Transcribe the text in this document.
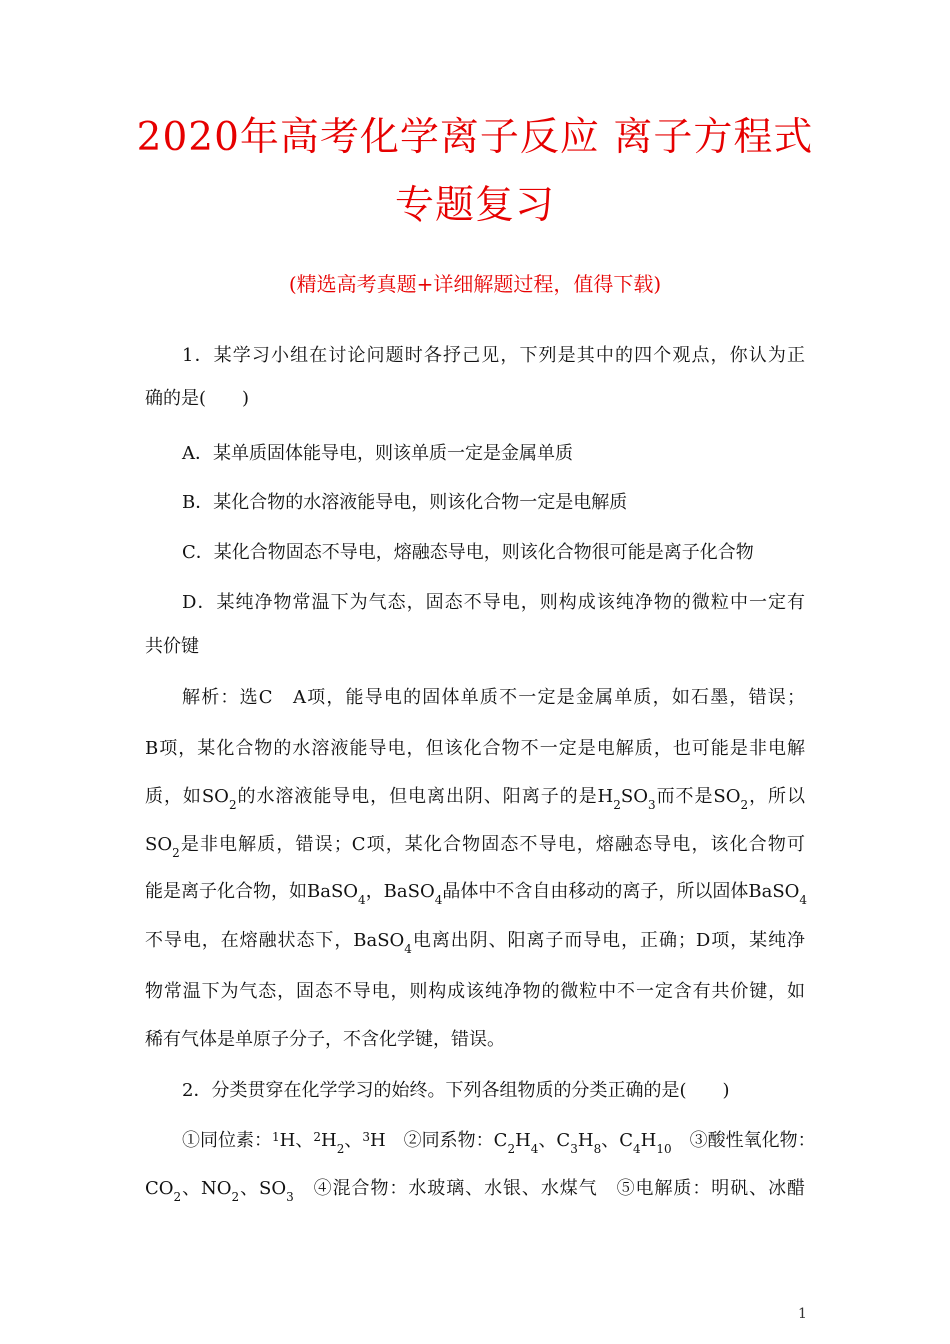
2020年高考化学离子反应 离子方程式
专题复习
(精选高考真题+详细解题过程，值得下载)
1．某学习小组在讨论问题时各抒己见，下列是其中的四个观点，你认为正
确的是(　　)
A．某单质固体能导电，则该单质一定是金属单质
B．某化合物的水溶液能导电，则该化合物一定是电解质
C．某化合物固态不导电，熔融态导电，则该化合物很可能是离子化合物
D．某纯净物常温下为气态，固态不导电，则构成该纯净物的微粒中一定有
共价键
解析：选C　A项，能导电的固体单质不一定是金属单质，如石墨，错误；
B项，某化合物的水溶液能导电，但该化合物不一定是电解质，也可能是非电解
质，如$SO_2$的水溶液能导电，但电离出阴、阳离子的是$H_2SO_3$而不是$SO_2$，所以
$SO_2$是非电解质，错误；C项，某化合物固态不导电，熔融态导电，该化合物可
能是离子化合物，如BaSO$_4$，BaSO$_4$晶体中不含自由移动的离子，所以固体BaSO$_4$
不导电，在熔融状态下，BaSO$_4$电离出阴、阳离子而导电，正确；D项，某纯净
物常温下为气态，固态不导电，则构成该纯净物的微粒中不一定含有共价键，如
稀有气体是单原子分子，不含化学键，错误。
2．分类贯穿在化学学习的始终。下列各组物质的分类正确的是(　　)
①同位素：$^1$H、$^2H_2$、$^3$H　②同系物：$C_2H_4$、$C_3H_8$、$C_4H_{10}$　③酸性氧化物：
$CO_2$、$NO_2$、$SO_3$　④混合物：水玻璃、水银、水煤气　⑤电解质：明矾、冰醋
1
